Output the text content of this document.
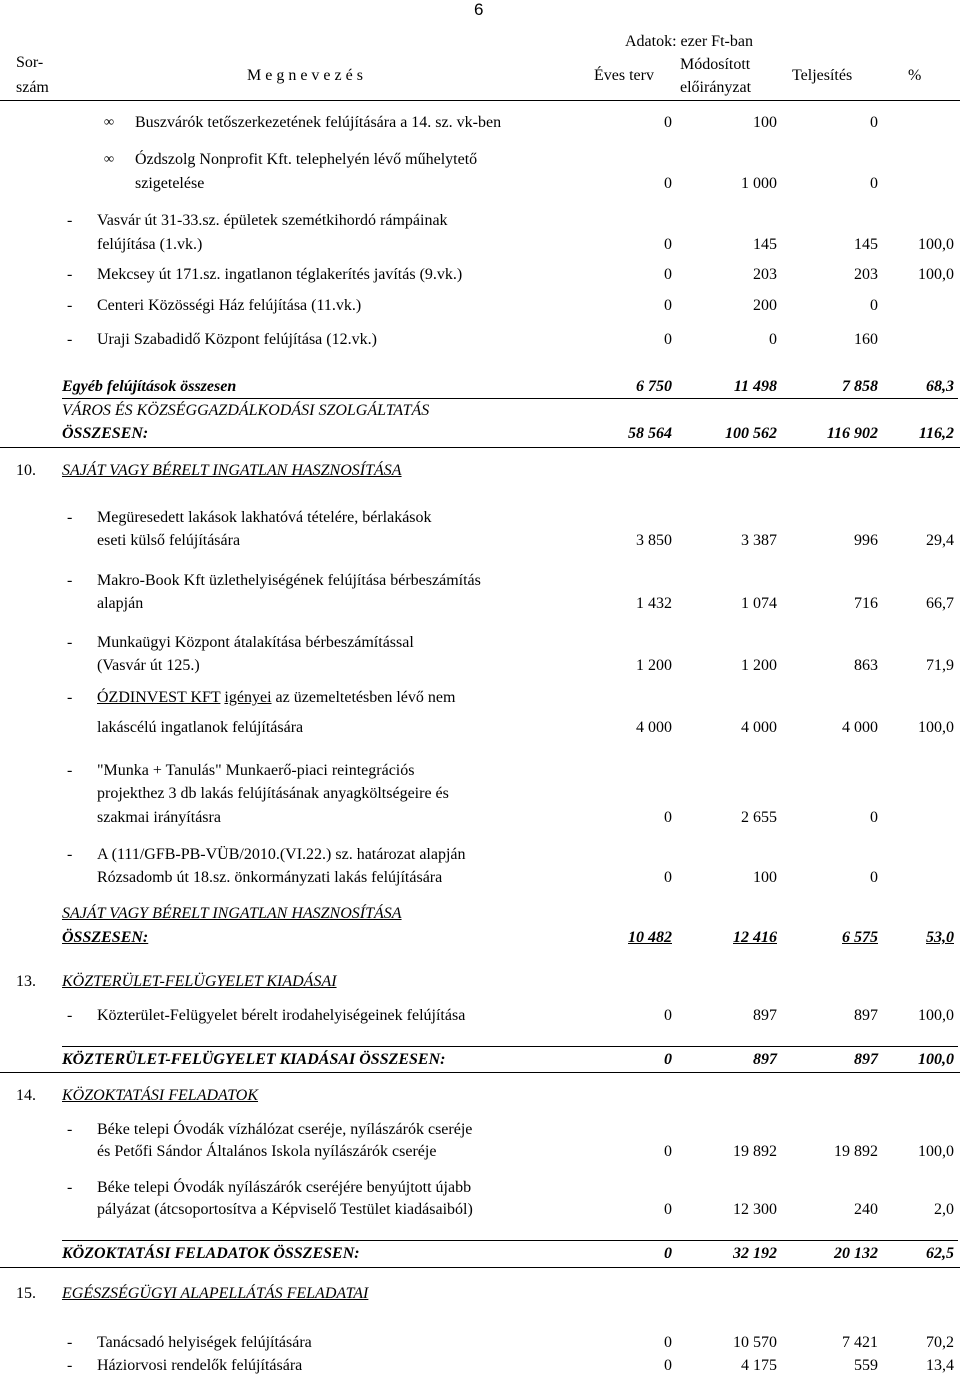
6
Adatok: ezer Ft-ban
Sor-
szám
M e g n e v e z é s	Éves terv
Módosított
előirányzat
Teljesítés	%
∞ Buszvárók tetőszerkezetének felújítására a 14. sz. vk-ben	0	100	0
∞ Ózdszolg Nonprofit Kft. telephelyén lévő műhelytető
szigetelése	0	1 000	0
- Vasvár út 31-33.sz. épületek szemétkihordó rámpáinak
felújítása (1.vk.)	0	145	145	100,0
- Mekcsey út 171.sz. ingatlanon téglakerítés javítás (9.vk.)	0	203	203	100,0
- Centeri Közösségi Ház felújítása (11.vk.)	0	200	0
- Uraji Szabadidő Központ felújítása (12.vk.)	0	0	160
Egyéb felújítások összesen	6 750	11 498	7 858	68,3
VÁROS ÉS KÖZSÉGGAZDÁLKODÁSI SZOLGÁLTATÁS
ÖSSZESEN:	58 564	100 562	116 902	116,2
10. SAJÁT VAGY BÉRELT INGATLAN HASZNOSÍTÁSA
- Megüresedett lakások lakhatóvá tételére, bérlakások
eseti külső felújítására	3 850	3 387	996	29,4
- Makro-Book Kft üzlethelyiségének felújítása bérbeszámítás
alapján	1 432	1 074	716	66,7
- Munkaügyi Központ átalakítása bérbeszámítással
(Vasvár út 125.)	1 200	1 200	863	71,9
- ÓZDINVEST KFT igényei az üzemeltetésben lévő nem
lakáscélú ingatlanok felújítására	4 000	4 000	4 000	100,0
- "Munka + Tanulás" Munkaerő-piaci reintegrációs
projekthez 3 db lakás felújításának anyagköltségeire és
szakmai irányításra	0	2 655	0
- A (111/GFB-PB-VÜB/2010.(VI.22.) sz. határozat alapján
Rózsadomb út 18.sz. önkormányzati lakás felújítására	0	100	0
SAJÁT VAGY BÉRELT INGATLAN HASZNOSÍTÁSA
ÖSSZESEN:	10 482	12 416	6 575	53,0
13. KÖZTERÜLET-FELÜGYELET KIADÁSAI
- Közterület-Felügyelet bérelt irodahelyiségeinek felújítása	0	897	897	100,0
KÖZTERÜLET-FELÜGYELET KIADÁSAI ÖSSZESEN:	0	897	897	100,0
14. KÖZOKTATÁSI FELADATOK
- Béke telepi Óvodák vízhálózat cseréje, nyílászárók cseréje
és Petőfi Sándor Általános Iskola nyílászárók cseréje	0	19 892	19 892	100,0
- Béke telepi Óvodák nyílászárók cseréjére benyújtott újabb
pályázat (átcsoportosítva a Képviselő Testület kiadásaiból)	0	12 300	240	2,0
KÖZOKTATÁSI FELADATOK ÖSSZESEN:	0	32 192	20 132	62,5
15. EGÉSZSÉGÜGYI ALAPELLÁTÁS FELADATAI
- Tanácsadó helyiségek felújítására	0	10 570	7 421	70,2
- Háziorvosi rendelők felújítására	0	4 175	559	13,4
